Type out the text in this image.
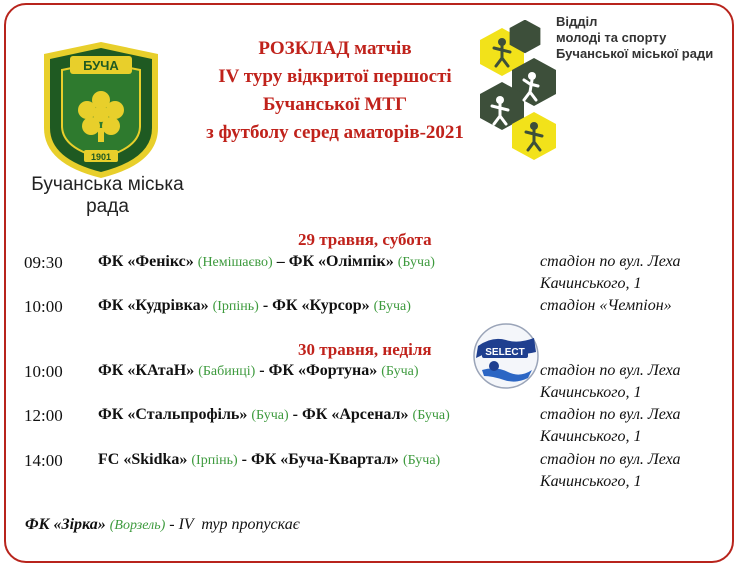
БУЧА
1901
Бучанська міська
рада
РОЗКЛАД матчів
IV туру відкритої першості
Бучанської МТГ
з футболу серед аматорів-2021
Відділ
молоді та спорту
Бучанської міської ради
29 травня, субота
09:30 ФК «Фенікс» (Немішаєво) – ФК «Олімпік» (Буча)	стадіон по вул. Леха
Качинського, 1
10:00 ФК «Кудрівка» (Ірпінь) - ФК «Курсор» (Буча)	стадіон «Чемпіон»
SELECT
30 травня, неділя
10:00 ФК «КАтаН» (Бабинці) - ФК «Фортуна» (Буча)	стадіон по вул. Леха
Качинського, 1
12:00 ФК «Стальпрофіль» (Буча) - ФК «Арсенал» (Буча)	стадіон по вул. Леха
Качинського, 1
14:00 FC «Skidka» (Ірпінь) - ФК «Буча-Квартал» (Буча)	стадіон по вул. Леха
Качинського, 1
ФК «Зірка» (Ворзель) - IV  тур пропускає
